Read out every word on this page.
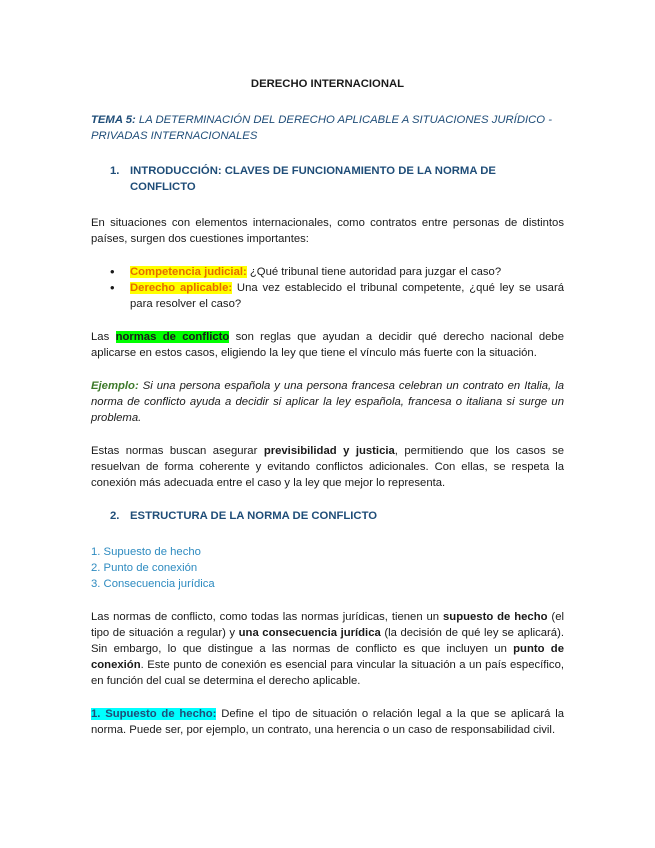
DERECHO INTERNACIONAL
TEMA 5: LA DETERMINACIÓN DEL DERECHO APLICABLE A SITUACIONES JURÍDICO - PRIVADAS INTERNACIONALES
1. INTRODUCCIÓN: CLAVES DE FUNCIONAMIENTO DE LA NORMA DE CONFLICTO
En situaciones con elementos internacionales, como contratos entre personas de distintos países, surgen dos cuestiones importantes:
• Competencia judicial: ¿Qué tribunal tiene autoridad para juzgar el caso?
• Derecho aplicable: Una vez establecido el tribunal competente, ¿qué ley se usará para resolver el caso?
Las normas de conflicto son reglas que ayudan a decidir qué derecho nacional debe aplicarse en estos casos, eligiendo la ley que tiene el vínculo más fuerte con la situación.
Ejemplo: Si una persona española y una persona francesa celebran un contrato en Italia, la norma de conflicto ayuda a decidir si aplicar la ley española, francesa o italiana si surge un problema.
Estas normas buscan asegurar previsibilidad y justicia, permitiendo que los casos se resuelvan de forma coherente y evitando conflictos adicionales. Con ellas, se respeta la conexión más adecuada entre el caso y la ley que mejor lo representa.
2. ESTRUCTURA DE LA NORMA DE CONFLICTO
1. Supuesto de hecho
2. Punto de conexión
3. Consecuencia jurídica
Las normas de conflicto, como todas las normas jurídicas, tienen un supuesto de hecho (el tipo de situación a regular) y una consecuencia jurídica (la decisión de qué ley se aplicará). Sin embargo, lo que distingue a las normas de conflicto es que incluyen un punto de conexión. Este punto de conexión es esencial para vincular la situación a un país específico, en función del cual se determina el derecho aplicable.
1. Supuesto de hecho: Define el tipo de situación o relación legal a la que se aplicará la norma. Puede ser, por ejemplo, un contrato, una herencia o un caso de responsabilidad civil.
